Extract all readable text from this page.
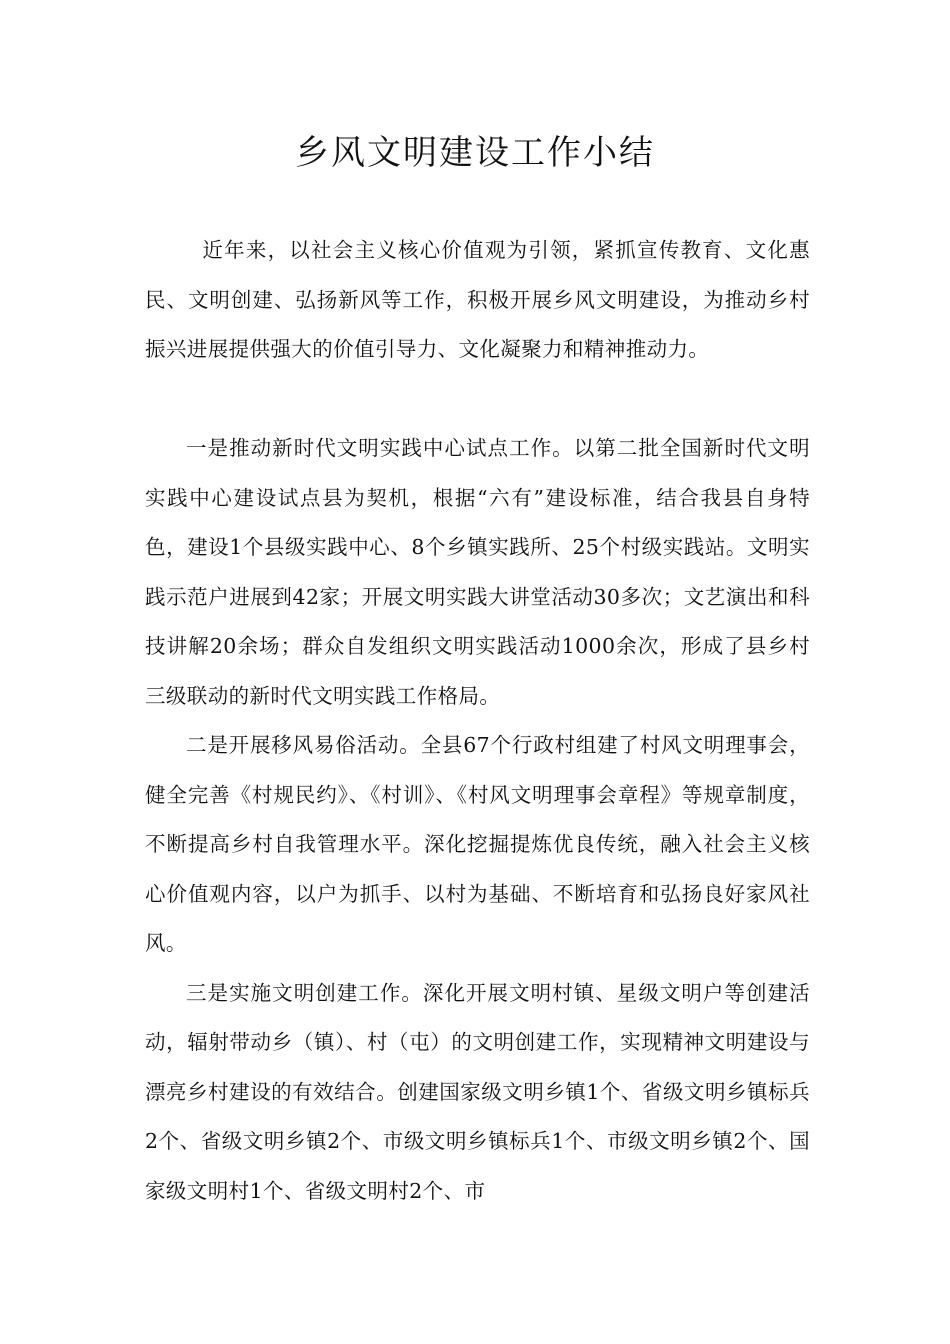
乡风文明建设工作小结

近年来，以社会主义核心价值观为引领，紧抓宣传教育、文化惠民、文明创建、弘扬新风等工作，积极开展乡风文明建设，为推动乡村振兴进展提供强大的价值引导力、文化凝聚力和精神推动力。

一是推动新时代文明实践中心试点工作。以第二批全国新时代文明实践中心建设试点县为契机，根据“六有”建设标准，结合我县自身特色，建设1个县级实践中心、8个乡镇实践所、25个村级实践站。文明实践示范户进展到42家；开展文明实践大讲堂活动30多次；文艺演出和科技讲解20余场；群众自发组织文明实践活动1000余次，形成了县乡村三级联动的新时代文明实践工作格局。

二是开展移风易俗活动。全县67个行政村组建了村风文明理事会，健全完善《村规民约》、《村训》、《村风文明理事会章程》等规章制度，不断提高乡村自我管理水平。深化挖掘提炼优良传统，融入社会主义核心价值观内容，以户为抓手、以村为基础、不断培育和弘扬良好家风社风。

三是实施文明创建工作。深化开展文明村镇、星级文明户等创建活动，辐射带动乡（镇）、村（屯）的文明创建工作，实现精神文明建设与漂亮乡村建设的有效结合。创建国家级文明乡镇1个、省级文明乡镇标兵2个、省级文明乡镇2个、市级文明乡镇标兵1个、市级文明乡镇2个、国家级文明村1个、省级文明村2个、市
